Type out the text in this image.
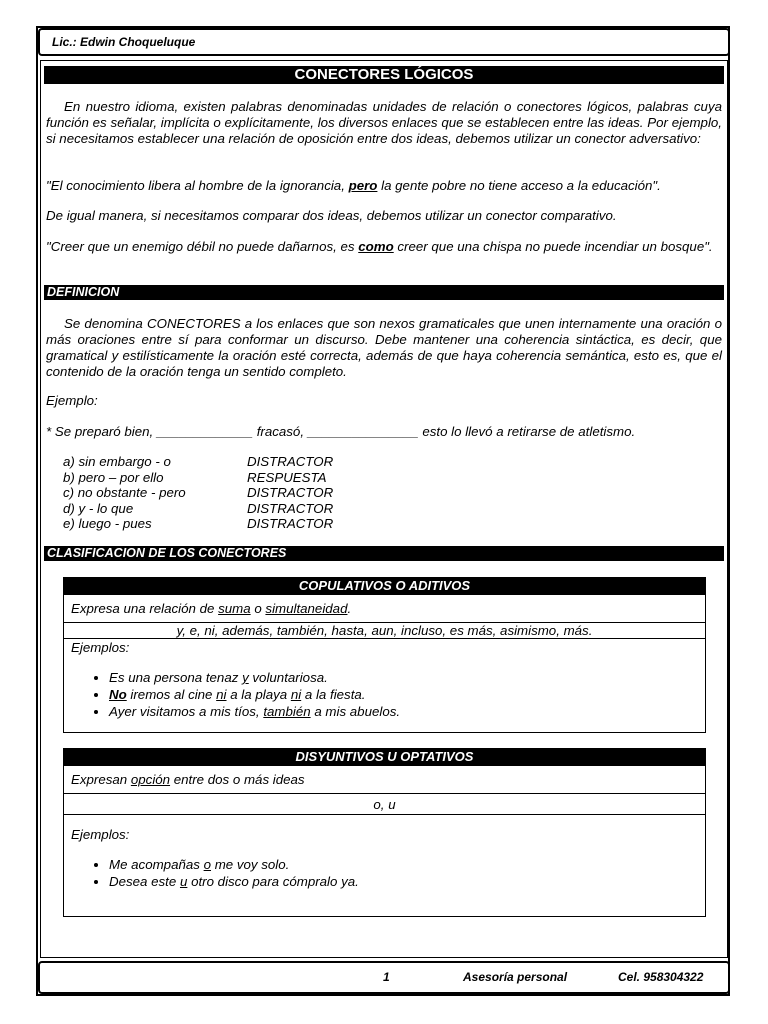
Lic.: Edwin Choqueluque
CONECTORES LÓGICOS
En nuestro idioma, existen palabras denominadas unidades de relación o conectores lógicos, palabras cuya función es señalar, implícita o explícitamente, los diversos enlaces que se establecen entre las ideas. Por ejemplo, si necesitamos establecer una relación de oposición entre dos ideas, debemos utilizar un conector adversativo:
"El conocimiento libera al hombre de la ignorancia, pero la gente pobre no tiene acceso a la educación".
De igual manera, si necesitamos comparar dos ideas, debemos utilizar un conector comparativo.
"Creer que un enemigo débil no puede dañarnos, es como creer que una chispa no puede incendiar un bosque".
DEFINICION
Se denomina CONECTORES a los enlaces que son nexos gramaticales que unen internamente una oración o más oraciones entre sí para conformar un discurso. Debe mantener una coherencia sintáctica, es decir, que gramatical y estilísticamente la oración esté correcta, además de que haya coherencia semántica, esto es, que el contenido de la oración tenga un sentido completo.
Ejemplo:
* Se preparó bien, _____________ fracasó, _______________ esto lo llevó a retirarse de atletismo.
a) sin embargo - o	DISTRACTOR
b) pero – por ello	RESPUESTA
c) no obstante - pero	DISTRACTOR
d) y - lo que	DISTRACTOR
e) luego - pues	DISTRACTOR
CLASIFICACION DE LOS CONECTORES
COPULATIVOS O ADITIVOS
Expresa una relación de suma o simultaneidad.
y, e, ni, además, también, hasta, aun, incluso, es más, asimismo, más.
Ejemplos:
• Es una persona tenaz y voluntariosa.
• No iremos al cine ni a la playa ni a la fiesta.
• Ayer visitamos a mis tíos, también a mis abuelos.
DISYUNTIVOS U OPTATIVOS
Expresan opción entre dos o más ideas
o, u
Ejemplos:
• Me acompañas o me voy solo.
• Desea este u otro disco para cómpralo ya.
1	Asesoría personal	Cel. 958304322
